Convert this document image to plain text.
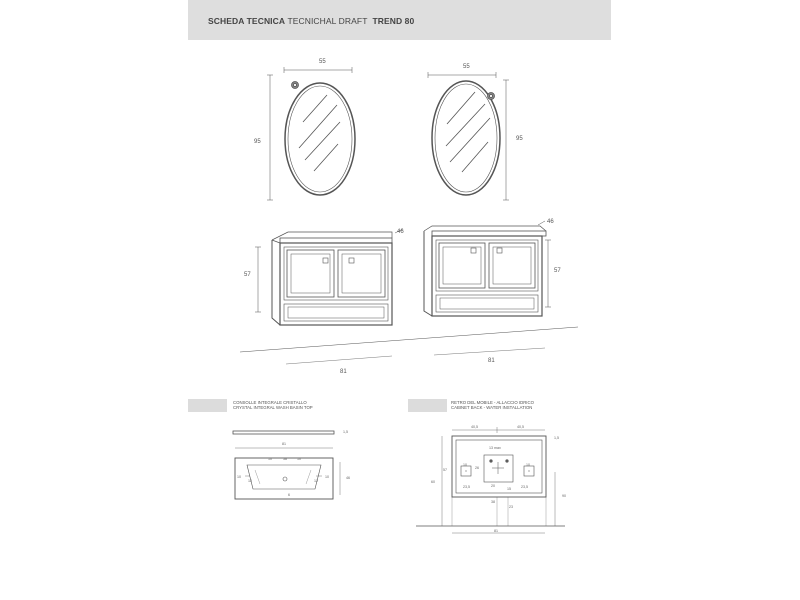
SCHEDA TECNICA TECNICHAL DRAFT TREND 80
55
95
46
57
81
55
95
46
57
81
CONSOLLE INTEGRALE CRISTALLO
CRYSTAL INTEGRAL WASH BASIN TOP
1,5
81
46
10	38	10
10	10
12	12
6
RETRO DEL MOBILE - ALLACCIO IDRICO
CABINET BACK - WATER INSTALLATION
40,5	40,5
1,5
13 max
26
57
60
23,5	23,5
20
15
38
23
90
81
10	10
